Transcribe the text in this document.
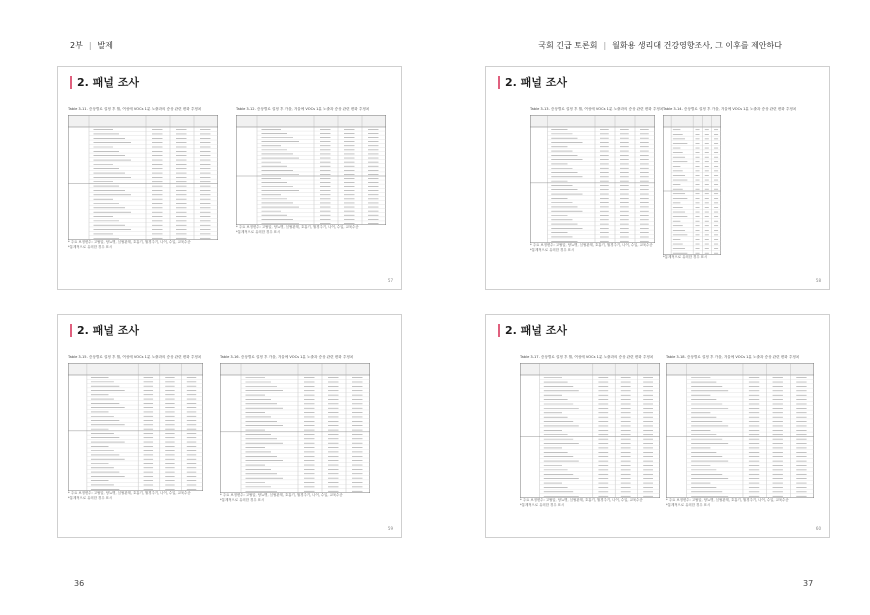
2부 | 발제	국회 긴급 토론회 | 월화용 생리대 건강영향조사, 그 이후를 제안하다
2. 패널 조사
Table 3-11. 증상별로 설정 후 월, 여성에 VOCs 1분 노출과의 증상 관련 변화 추정치
* 주요 보정변수: 고혈압, 당뇨병, 심혈관계, 호흡기, 월경주기, 나이, 수입, 교육수준
*통계적으로 유의한 경우 표시
Table 3-12. 증상별로 설정 후 가을, 겨울에 VOCs 1분 노출과 증상 관련 변화 추정치
* 주요 보정변수: 고혈압, 당뇨병, 심혈관계, 호흡기, 월경주기, 나이, 수입, 교육수준
*통계적으로 유의한 경우 표시
57
2. 패널 조사
Table 3-13. 증상별로 설정 후 월, 여성에 VOCs 1분 노출과의 증상 관련 변화 추정치
* 주요 보정변수: 고혈압, 당뇨병, 심혈관계, 호흡기, 월경주기, 나이, 수입, 교육수준
*통계적으로 유의한 경우 표시
Table 3-14. 증상별로 설정 후 가을, 겨울에 VOCs 1분 노출과 증상 관련 변화 추정치
*통계적으로 유의한 경우 표시
58
2. 패널 조사
Table 3-15. 증상별로 설정 후 월, 여성에 VOCs 1분 노출과의 증상 관련 변화 추정치
* 주요 보정변수: 고혈압, 당뇨병, 심혈관계, 호흡기, 월경주기, 나이, 수입, 교육수준
*통계적으로 유의한 경우 표시
Table 3-16. 증상별로 설정 후 가을, 겨울에 VOCs 1분 노출과 증상 관련 변화 추정치
* 주요 보정변수: 고혈압, 당뇨병, 심혈관계, 호흡기, 월경주기, 나이, 수입, 교육수준
*통계적으로 유의한 경우 표시
59
2. 패널 조사
Table 3-17. 증상별로 설정 후 월, 여성에 VOCs 1분 노출과의 증상 관련 변화 추정치
* 주요 보정변수: 고혈압, 당뇨병, 심혈관계, 호흡기, 월경주기, 나이, 수입, 교육수준
*통계적으로 유의한 경우 표시
Table 3-18. 증상별로 설정 후 가을, 겨울에 VOCs 1분 노출과 증상 관련 변화 추정치
* 주요 보정변수: 고혈압, 당뇨병, 심혈관계, 호흡기, 월경주기, 나이, 수입, 교육수준
*통계적으로 유의한 경우 표시
60
36	37
